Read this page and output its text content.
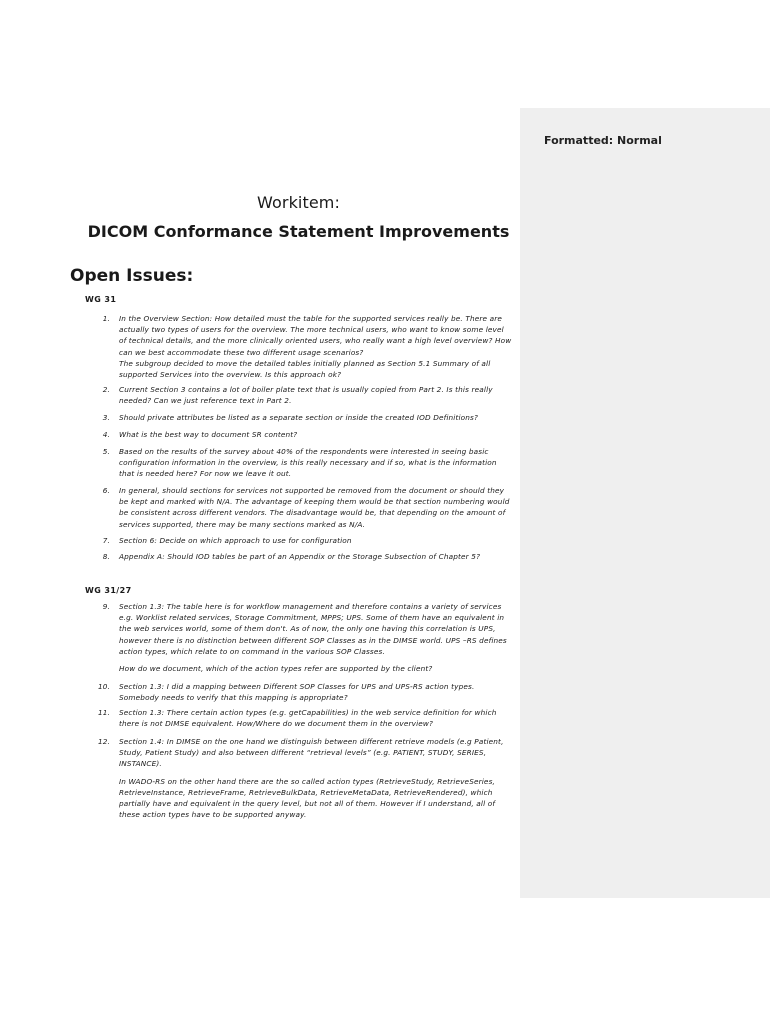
Workitem:
DICOM Conformance Statement Improvements
Open Issues:
WG 31
1. In the Overview Section: How detailed must the table for the supported services really be. There are actually two types of users for the overview. The more technical users, who want to know some level of technical details, and the more clinically oriented users, who really want a high level overview? How can we best accommodate these two different usage scenarios?

The subgroup decided to move the detailed tables initially planned as Section 5.1 Summary of all supported Services into the overview. Is this approach ok?

2. Current Section 3 contains a lot of boiler plate text that is usually copied from Part 2. Is this really needed? Can we just reference text in Part 2.

3. Should private attributes be listed as a separate section or inside the created IOD Definitions?

4. What is the best way to document SR content?

5. Based on the results of the survey about 40% of the respondents were interested in seeing basic configuration information in the overview, is this really necessary and if so, what is the information that is needed here? For now we leave it out.

6. In general, should sections for services not supported be removed from the document or should they be kept and marked with N/A. The advantage of keeping them would be that section numbering would be consistent across different vendors. The disadvantage would be, that depending on the amount of services supported, there may be many sections marked as N/A.

7. Section 6: Decide on which approach to use for configuration

8. Appendix A: Should IOD tables be part of an Appendix or the Storage Subsection of Chapter 5?

WG 31/27
9. Section 1.3: The table here is for workflow management and therefore contains a variety of services e.g. Worklist related services, Storage Commitment, MPPS; UPS. Some of them have an equivalent in the web services world, some of them don't. As of now, the only one having this correlation is UPS, however there is no distinction between different SOP Classes as in the DIMSE world. UPS –RS defines action types, which relate to on command in the various SOP Classes.

How do we document, which of the action types refer are supported by the client?

10. Section 1.3: I did a mapping between Different SOP Classes for UPS and UPS-RS action types. Somebody needs to verify that this mapping is appropriate?

11. Section 1.3: There certain action types (e.g. getCapabilities) in the web service definition for which there is not DIMSE equivalent. How/Where do we document them in the overview?

12. Section 1.4: In DIMSE on the one hand we distinguish between different retrieve models (e.g Patient, Study, Patient Study) and also between different “retrieval levels” (e.g. PATIENT, STUDY, SERIES, INSTANCE).

In WADO-RS on the other hand there are the so called action types (RetrieveStudy, RetrieveSeries, RetrieveInstance, RetrieveFrame, RetrieveBulkData, RetrieveMetaData, RetrieveRendered), which partially have and equivalent in the query level, but not all of them. However if I understand, all of these action types have to be supported anyway.

Formatted: Normal
